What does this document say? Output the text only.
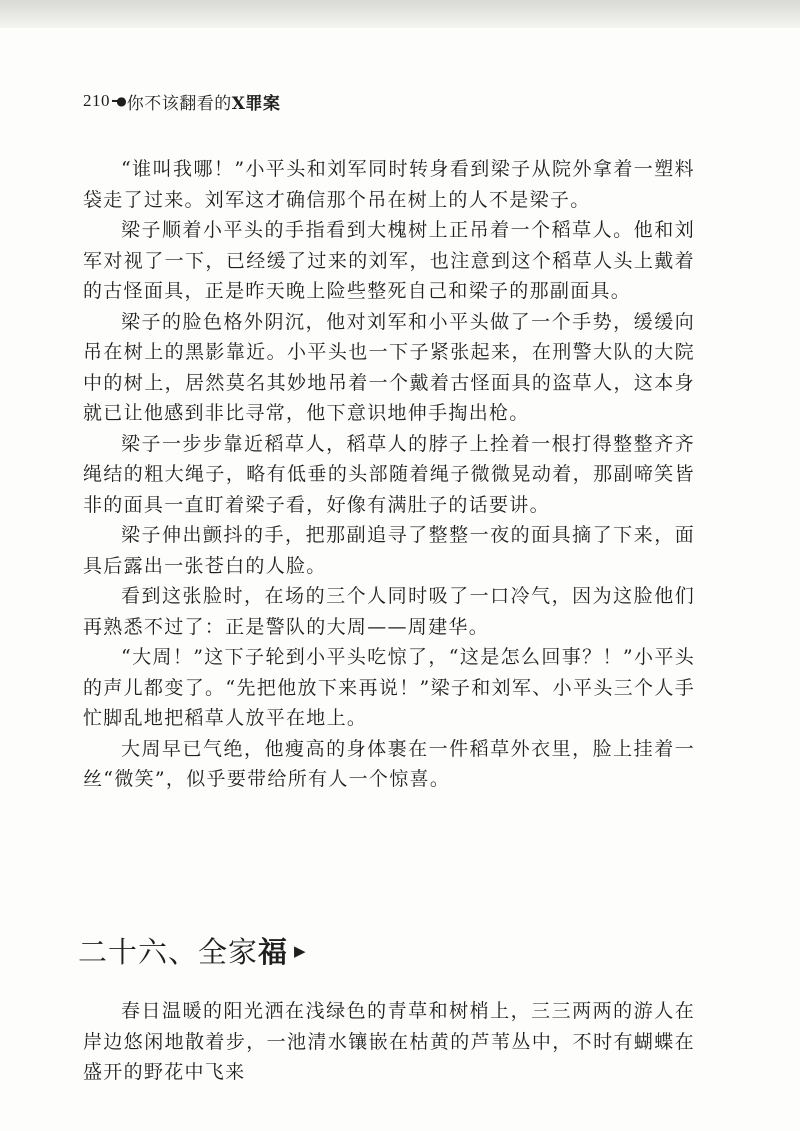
210 ━● 你不该翻看的 X罪案

“谁叫我哪！”小平头和刘军同时转身看到梁子从院外拿着一塑料袋走了过来。刘军这才确信那个吊在树上的人不是梁子。

梁子顺着小平头的手指看到大槐树上正吊着一个稻草人。他和刘军对视了一下，已经缓了过来的刘军，也注意到这个稻草人头上戴着的古怪面具，正是昨天晚上险些整死自己和梁子的那副面具。

梁子的脸色格外阴沉，他对刘军和小平头做了一个手势，缓缓向吊在树上的黑影靠近。小平头也一下子紧张起来，在刑警大队的大院中的树上，居然莫名其妙地吊着一个戴着古怪面具的盗草人，这本身就已让他感到非比寻常，他下意识地伸手掏出枪。

梁子一步步靠近稻草人，稻草人的脖子上拴着一根打得整整齐齐绳结的粗大绳子，略有低垂的头部随着绳子微微晃动着，那副啼笑皆非的面具一直盯着梁子看，好像有满肚子的话要讲。

梁子伸出颤抖的手，把那副追寻了整整一夜的面具摘了下来，面具后露出一张苍白的人脸。

看到这张脸时，在场的三个人同时吸了一口冷气，因为这脸他们再熟悉不过了：正是警队的大周——周建华。

“大周！”这下子轮到小平头吃惊了，“这是怎么回事？！”小平头的声儿都变了。“先把他放下来再说！”梁子和刘军、小平头三个人手忙脚乱地把稻草人放平在地上。

大周早已气绝，他瘦高的身体裹在一件稻草外衣里，脸上挂着一丝“微笑”，似乎要带给所有人一个惊喜。

二十六、全家 福 ▶

春日温暖的阳光洒在浅绿色的青草和树梢上，三三两两的游人在岸边悠闲地散着步，一池清水镶嵌在枯黄的芦苇丛中，不时有蝴蝶在盛开的野花中飞来
